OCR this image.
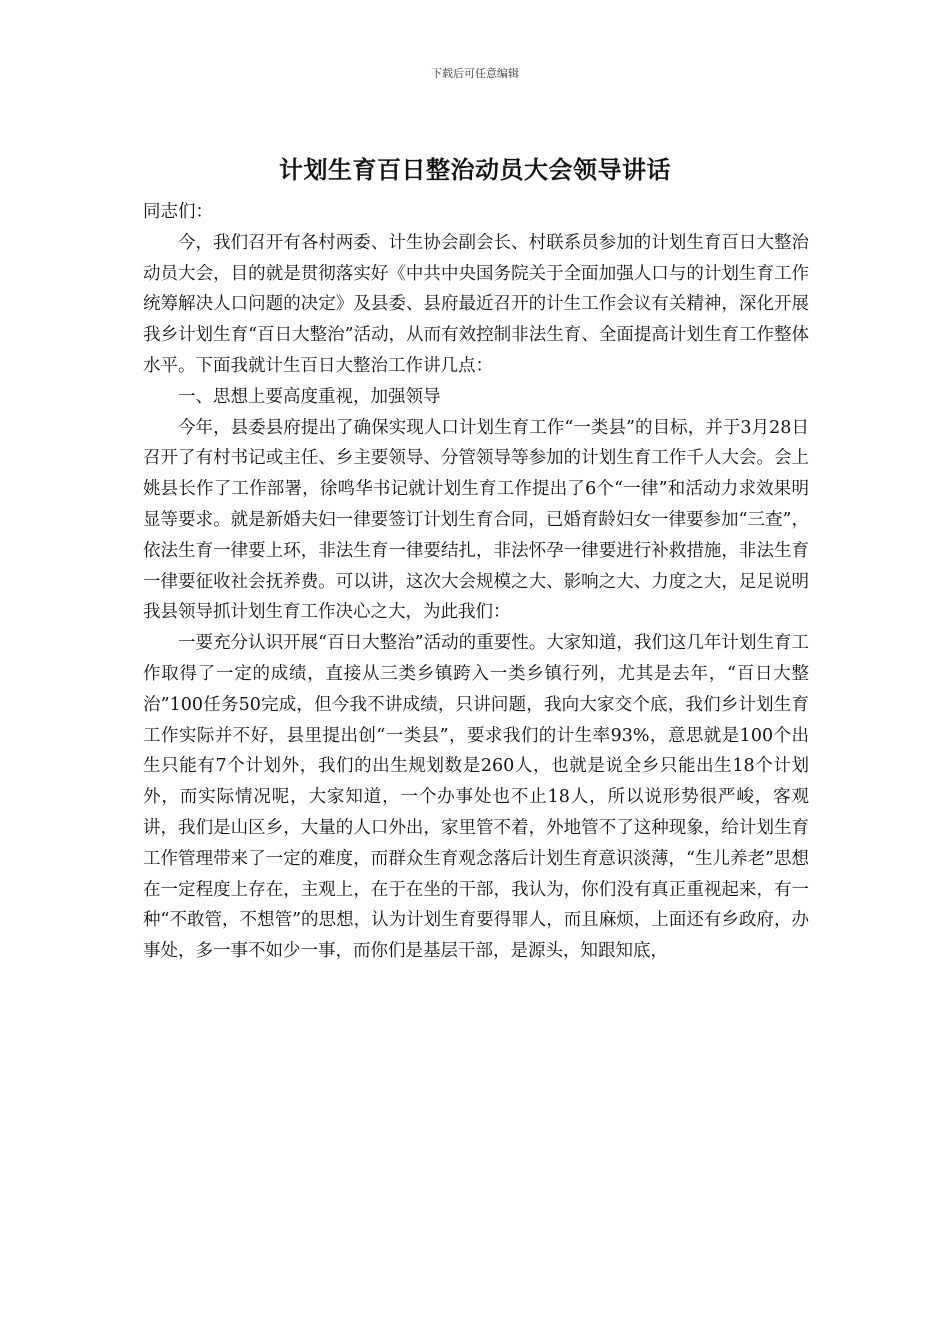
下载后可任意编辑
计划生育百日整治动员大会领导讲话

同志们：

今，我们召开有各村两委、计生协会副会长、村联系员参加的计划生育百日大整治动员大会，目的就是贯彻落实好《中共中央国务院关于全面加强人口与的计划生育工作统筹解决人口问题的决定》及县委、县府最近召开的计生工作会议有关精神，深化开展我乡计划生育“百日大整治”活动，从而有效控制非法生育、全面提高计划生育工作整体水平。下面我就计生百日大整治工作讲几点：

一、思想上要高度重视，加强领导

今年，县委县府提出了确保实现人口计划生育工作“一类县”的目标，并于3月28日召开了有村书记或主任、乡主要领导、分管领导等参加的计划生育工作千人大会。会上姚县长作了工作部署，徐鸣华书记就计划生育工作提出了6个“一律”和活动力求效果明显等要求。就是新婚夫妇一律要签订计划生育合同，已婚育龄妇女一律要参加“三查”，依法生育一律要上环，非法生育一律要结扎，非法怀孕一律要进行补救措施，非法生育一律要征收社会抚养费。可以讲，这次大会规模之大、影响之大、力度之大，足足说明我县领导抓计划生育工作决心之大，为此我们：

一要充分认识开展“百日大整治”活动的重要性。大家知道，我们这几年计划生育工作取得了一定的成绩，直接从三类乡镇跨入一类乡镇行列，尤其是去年，“百日大整治”100任务50完成，但今我不讲成绩，只讲问题，我向大家交个底，我们乡计划生育工作实际并不好，县里提出创“一类县”，要求我们的计生率93%，意思就是100个出生只能有7个计划外，我们的出生规划数是260人，也就是说全乡只能出生18个计划外，而实际情况呢，大家知道，一个办事处也不止18人，所以说形势很严峻，客观讲，我们是山区乡，大量的人口外出，家里管不着，外地管不了这种现象，给计划生育工作管理带来了一定的难度，而群众生育观念落后计划生育意识淡薄，“生儿养老”思想在一定程度上存在，主观上，在于在坐的干部，我认为，你们没有真正重视起来，有一种“不敢管，不想管”的思想，认为计划生育要得罪人，而且麻烦，上面还有乡政府，办事处，多一事不如少一事，而你们是基层干部，是源头，知跟知底，
